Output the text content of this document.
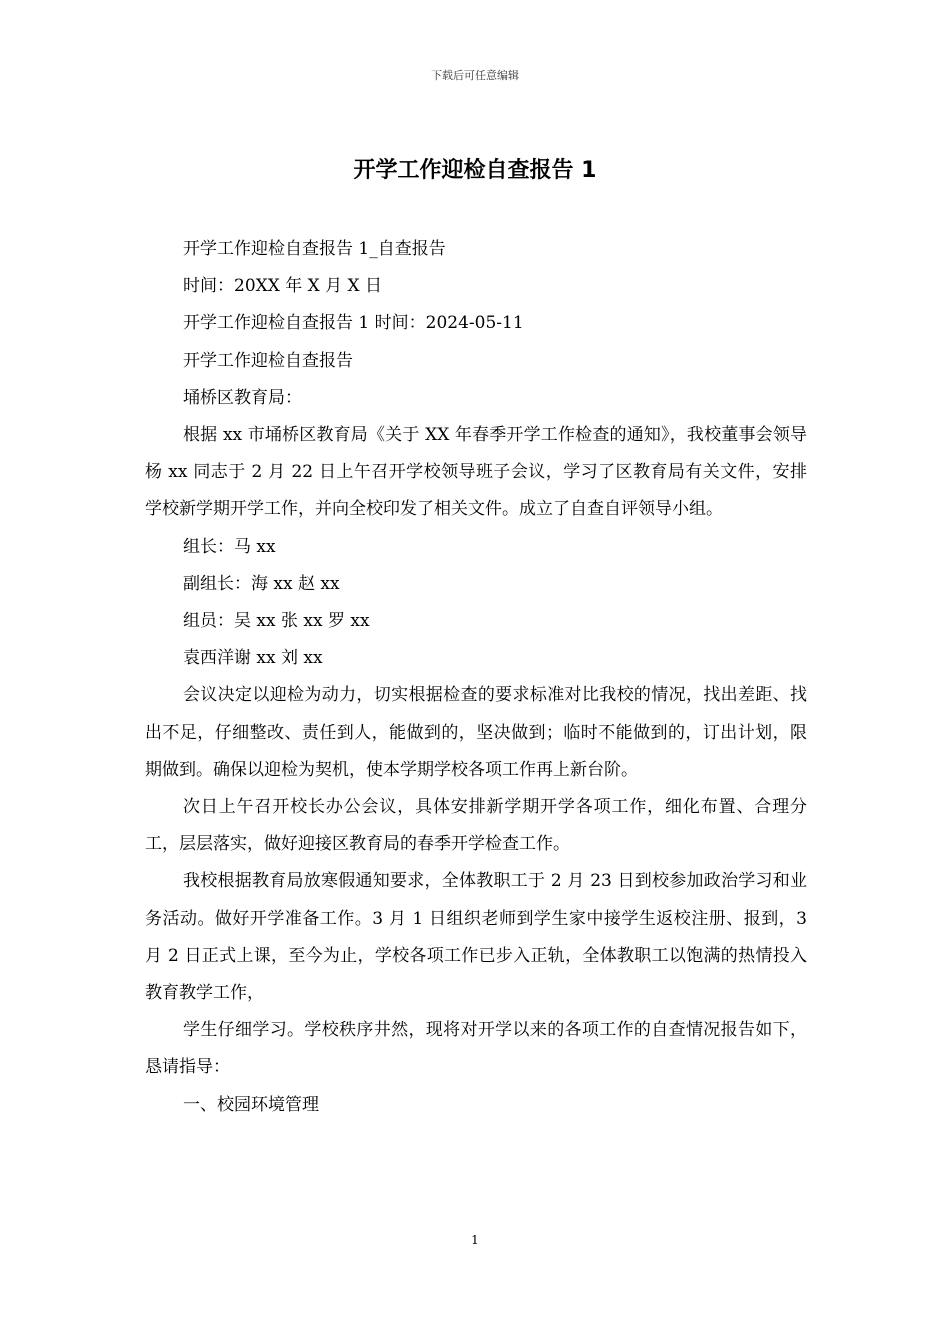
下载后可任意编辑
开学工作迎检自查报告 1

开学工作迎检自查报告 1_自查报告

时间：20XX 年 X 月 X 日

开学工作迎检自查报告 1 时间：2024-05-11

开学工作迎检自查报告

埇桥区教育局：

根据 xx 市埇桥区教育局《关于 XX 年春季开学工作检查的通知》，我校董事会领导杨 xx 同志于 2 月 22 日上午召开学校领导班子会议，学习了区教育局有关文件，安排学校新学期开学工作，并向全校印发了相关文件。成立了自查自评领导小组。

组长：马 xx

副组长：海 xx 赵 xx

组员：吴 xx 张 xx 罗 xx

袁西洋谢 xx 刘 xx

会议决定以迎检为动力，切实根据检查的要求标准对比我校的情况，找出差距、找出不足，仔细整改、责任到人，能做到的，坚决做到；临时不能做到的，订出计划，限期做到。确保以迎检为契机，使本学期学校各项工作再上新台阶。

次日上午召开校长办公会议，具体安排新学期开学各项工作，细化布置、合理分工，层层落实，做好迎接区教育局的春季开学检查工作。

我校根据教育局放寒假通知要求，全体教职工于 2 月 23 日到校参加政治学习和业务活动。做好开学准备工作。3 月 1 日组织老师到学生家中接学生返校注册、报到，3 月 2 日正式上课，至今为止，学校各项工作已步入正轨，全体教职工以饱满的热情投入教育教学工作，

学生仔细学习。学校秩序井然，现将对开学以来的各项工作的自查情况报告如下，恳请指导：

一、校园环境管理

1
